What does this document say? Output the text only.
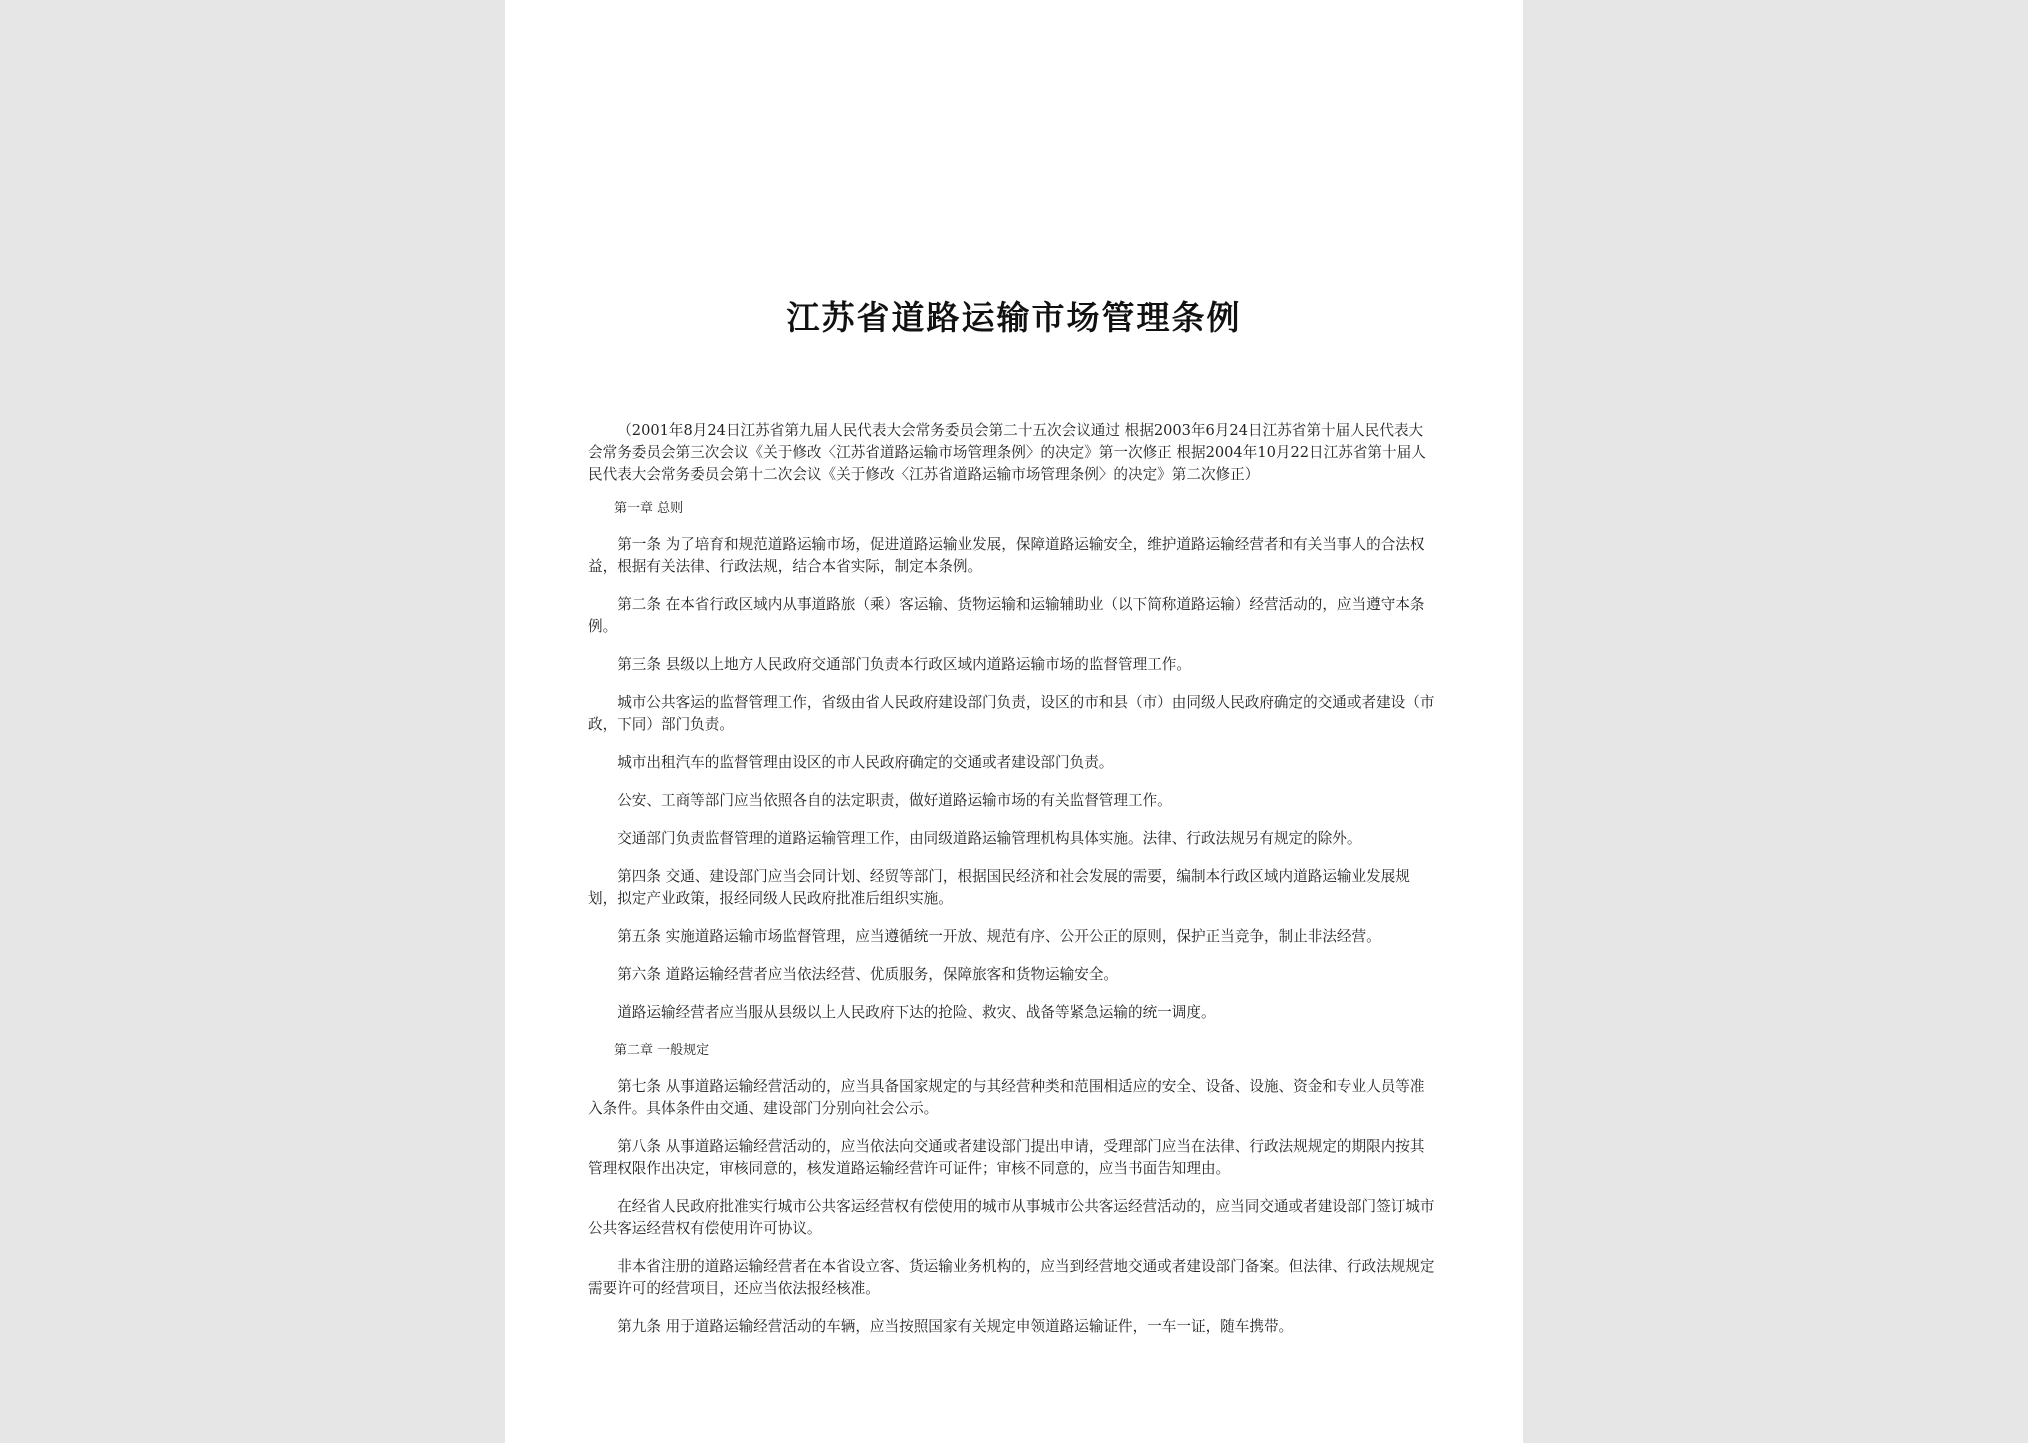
江苏省道路运输市场管理条例

（2001年8月24日江苏省第九届人民代表大会常务委员会第二十五次会议通过 根据2003年6月24日江苏省第十届人民代表大会常务委员会第三次会议《关于修改〈江苏省道路运输市场管理条例〉的决定》第一次修正 根据2004年10月22日江苏省第十届人民代表大会常务委员会第十二次会议《关于修改〈江苏省道路运输市场管理条例〉的决定》第二次修正）

第一章 总则

第一条 为了培育和规范道路运输市场，促进道路运输业发展，保障道路运输安全，维护道路运输经营者和有关当事人的合法权益，根据有关法律、行政法规，结合本省实际，制定本条例。

第二条 在本省行政区域内从事道路旅（乘）客运输、货物运输和运输辅助业（以下简称道路运输）经营活动的，应当遵守本条例。

第三条 县级以上地方人民政府交通部门负责本行政区域内道路运输市场的监督管理工作。

城市公共客运的监督管理工作，省级由省人民政府建设部门负责，设区的市和县（市）由同级人民政府确定的交通或者建设（市政，下同）部门负责。

城市出租汽车的监督管理由设区的市人民政府确定的交通或者建设部门负责。

公安、工商等部门应当依照各自的法定职责，做好道路运输市场的有关监督管理工作。

交通部门负责监督管理的道路运输管理工作，由同级道路运输管理机构具体实施。法律、行政法规另有规定的除外。

第四条 交通、建设部门应当会同计划、经贸等部门，根据国民经济和社会发展的需要，编制本行政区域内道路运输业发展规划，拟定产业政策，报经同级人民政府批准后组织实施。

第五条 实施道路运输市场监督管理，应当遵循统一开放、规范有序、公开公正的原则，保护正当竞争，制止非法经营。

第六条 道路运输经营者应当依法经营、优质服务，保障旅客和货物运输安全。

道路运输经营者应当服从县级以上人民政府下达的抢险、救灾、战备等紧急运输的统一调度。

第二章 一般规定

第七条 从事道路运输经营活动的，应当具备国家规定的与其经营种类和范围相适应的安全、设备、设施、资金和专业人员等准入条件。具体条件由交通、建设部门分别向社会公示。

第八条 从事道路运输经营活动的，应当依法向交通或者建设部门提出申请，受理部门应当在法律、行政法规规定的期限内按其管理权限作出决定，审核同意的，核发道路运输经营许可证件；审核不同意的，应当书面告知理由。

在经省人民政府批准实行城市公共客运经营权有偿使用的城市从事城市公共客运经营活动的，应当同交通或者建设部门签订城市公共客运经营权有偿使用许可协议。

非本省注册的道路运输经营者在本省设立客、货运输业务机构的，应当到经营地交通或者建设部门备案。但法律、行政法规规定需要许可的经营项目，还应当依法报经核准。

第九条 用于道路运输经营活动的车辆，应当按照国家有关规定申领道路运输证件，一车一证，随车携带。
